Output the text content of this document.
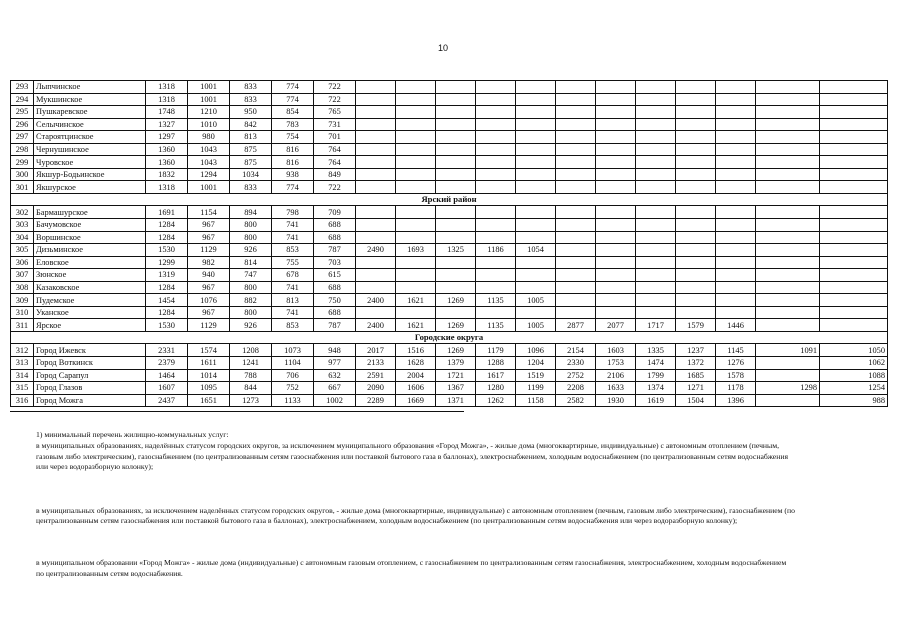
10
293	Лыпчинское	1318	1001	833	774	722												
294	Мукшинское	1318	1001	833	774	722												
295	Пушкаревское	1748	1210	950	854	765												
296	Селычинское	1327	1010	842	783	731												
297	Староятцинское	1297	980	813	754	701												
298	Чернушинское	1360	1043	875	816	764												
299	Чуровское	1360	1043	875	816	764												
300	Якшур-Бодьинское	1832	1294	1034	938	849												
301	Якшурское	1318	1001	833	774	722												
Ярский район																		
302	Бармашурское	1691	1154	894	798	709												
303	Бачумовское	1284	967	800	741	688												
304	Воршинское	1284	967	800	741	688												
305	Дизьминское	1530	1129	926	853	787	2490	1693	1325	1186	1054							
306	Еловское	1299	982	814	755	703												
307	Зюнское	1319	940	747	678	615												
308	Казаковское	1284	967	800	741	688												
309	Пудемское	1454	1076	882	813	750	2400	1621	1269	1135	1005							
310	Уканское	1284	967	800	741	688												
311	Ярское	1530	1129	926	853	787	2400	1621	1269	1135	1005	2877	2077	1717	1579	1446		
Городские округа																		
312	Город Ижевск	2331	1574	1208	1073	948	2017	1516	1269	1179	1096	2154	1603	1335	1237	1145	1091	1050
313	Город Воткинск	2379	1611	1241	1104	977	2133	1628	1379	1288	1204	2330	1753	1474	1372	1276		1062
314	Город Сарапул	1464	1014	788	706	632	2591	2004	1721	1617	1519	2752	2106	1799	1685	1578		1088
315	Город Глазов	1607	1095	844	752	667	2090	1606	1367	1280	1199	2208	1633	1374	1271	1178	1298	1254
316	Город Можга	2437	1651	1273	1133	1002	2289	1669	1371	1262	1158	2582	1930	1619	1504	1396		988

1) минимальный перечень жилищно-коммунальных услуг:

в муниципальных образованиях, наделённых статусом городских округов, за исключением муниципального образования «Город Можга», - жилые дома (многоквартирные, индивидуальные) с автономным отоплением (печным, газовым либо электрическим), газоснабжением (по централизованным сетям газоснабжения или поставкой бытового газа в баллонах), электроснабжением, холодным водоснабжением (по централизованным сетям водоснабжения или через водоразборную колонку);

в муниципальных образованиях, за исключением наделённых статусом городских округов, - жилые дома (многоквартирные, индивидуальные) с автономным отоплением (печным, газовым либо электрическим), газоснабжением (по централизованным сетям газоснабжения или поставкой бытового газа в баллонах), электроснабжением, холодным водоснабжением (по централизованным сетям водоснабжения или через водоразборную колонку);

в муниципальном образовании «Город Можга» - жилые дома (индивидуальные) с автономным газовым отоплением, с газоснабжением по централизованным сетям газоснабжения, электроснабжением, холодным водоснабжением по централизованным сетям водоснабжения.
